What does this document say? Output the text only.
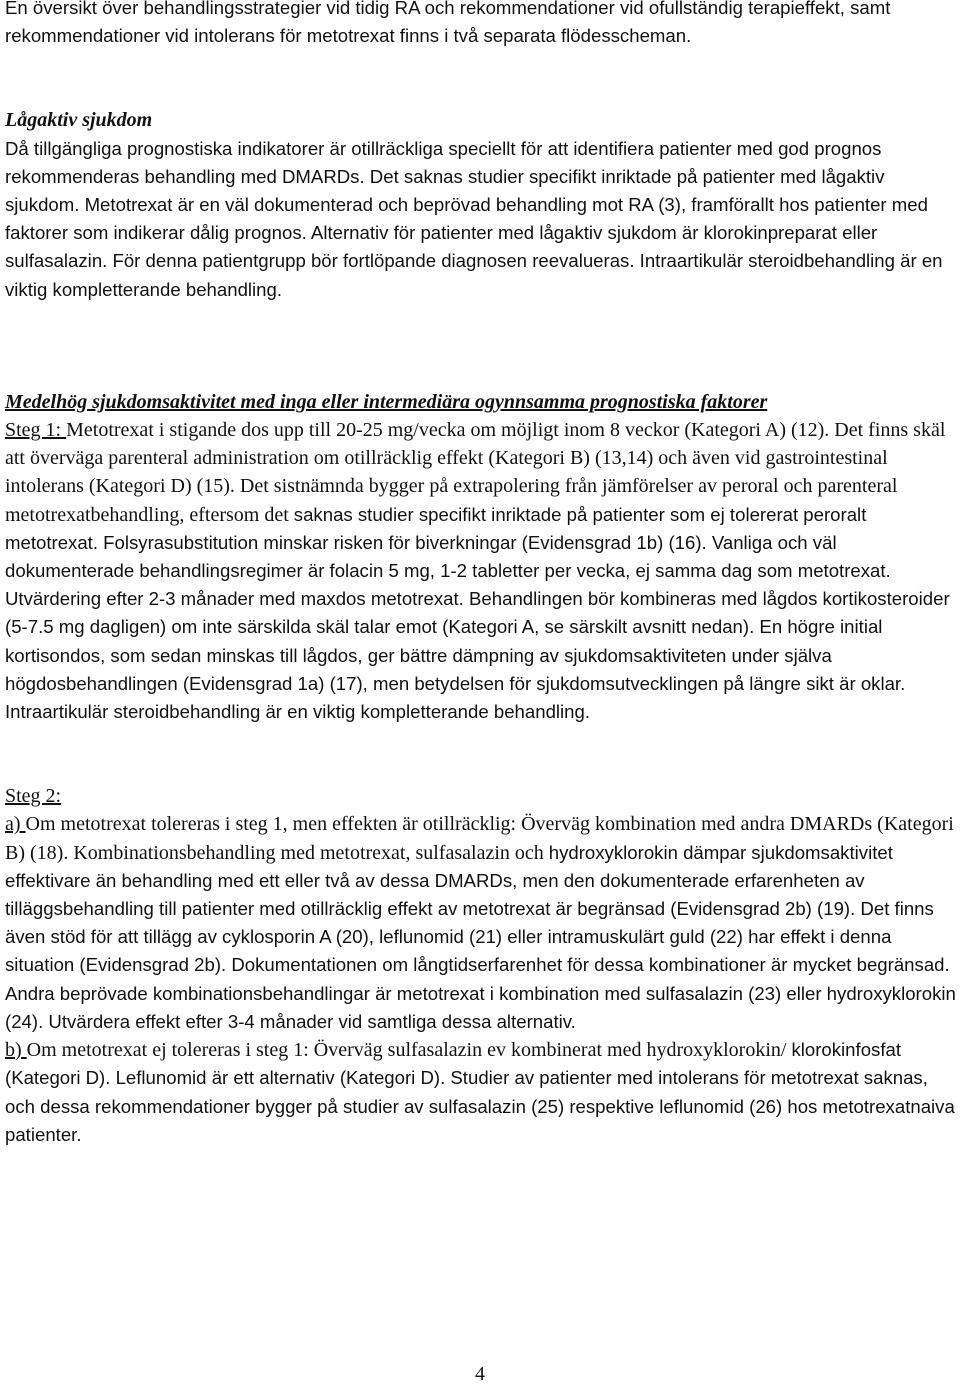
En översikt över behandlingsstrategier vid tidig RA och rekommendationer vid ofullständig terapieffekt, samt rekommendationer vid intolerans för metotrexat finns i två separata flödesscheman.

Lågaktiv sjukdom

Då tillgängliga prognostiska indikatorer är otillräckliga speciellt för att identifiera patienter med god prognos rekommenderas behandling med DMARDs. Det saknas studier specifikt inriktade på patienter med lågaktiv sjukdom. Metotrexat är en väl dokumenterad och beprövad behandling mot RA (3), framförallt hos patienter med faktorer som indikerar dålig prognos. Alternativ för patienter med lågaktiv sjukdom är klorokinpreparat eller sulfasalazin. För denna patientgrupp bör fortlöpande diagnosen reevalueras. Intraartikulär steroidbehandling är en viktig kompletterande behandling.

Medelhög sjukdomsaktivitet med inga eller intermediära ogynnsamma prognostiska faktorer

Steg 1: Metotrexat i stigande dos upp till 20-25 mg/vecka om möjligt inom 8 veckor (Kategori A) (12). Det finns skäl att överväga parenteral administration om otillräcklig effekt (Kategori B) (13,14) och även vid gastrointestinal intolerans (Kategori D) (15). Det sistnämnda bygger på extrapolering från jämförelser av peroral och parenteral metotrexatbehandling, eftersom det saknas studier specifikt inriktade på patienter som ej tolererat peroralt metotrexat. Folsyrasubstitution minskar risken för biverkningar (Evidensgrad 1b) (16). Vanliga och väl dokumenterade behandlingsregimer är folacin 5 mg, 1-2 tabletter per vecka, ej samma dag som metotrexat. Utvärdering efter 2-3 månader med maxdos metotrexat. Behandlingen bör kombineras med lågdos kortikosteroider (5-7.5 mg dagligen) om inte särskilda skäl talar emot (Kategori A, se särskilt avsnitt nedan). En högre initial kortisondos, som sedan minskas till lågdos, ger bättre dämpning av sjukdomsaktiviteten under själva högdosbehandlingen (Evidensgrad 1a) (17), men betydelsen för sjukdomsutvecklingen på längre sikt är oklar. Intraartikulär steroidbehandling är en viktig kompletterande behandling.

Steg 2:

a) Om metotrexat tolereras i steg 1, men effekten är otillräcklig: Överväg kombination med andra DMARDs (Kategori B) (18). Kombinationsbehandling med metotrexat, sulfasalazin och hydroxyklorokin dämpar sjukdomsaktivitet effektivare än behandling med ett eller två av dessa DMARDs, men den dokumenterade erfarenheten av tilläggsbehandling till patienter med otillräcklig effekt av metotrexat är begränsad (Evidensgrad 2b) (19). Det finns även stöd för att tillägg av cyklosporin A (20), leflunomid (21) eller intramuskulärt guld (22) har effekt i denna situation (Evidensgrad 2b). Dokumentationen om långtidserfarenhet för dessa kombinationer är mycket begränsad. Andra beprövade kombinationsbehandlingar är metotrexat i kombination med sulfasalazin (23) eller hydroxyklorokin (24). Utvärdera effekt efter 3-4 månader vid samtliga dessa alternativ.

b) Om metotrexat ej tolereras i steg 1: Överväg sulfasalazin ev kombinerat med hydroxyklorokin/ klorokinfosfat (Kategori D). Leflunomid är ett alternativ (Kategori D). Studier av patienter med intolerans för metotrexat saknas, och dessa rekommendationer bygger på studier av sulfasalazin (25) respektive leflunomid (26) hos metotrexatnaiva patienter.

4
